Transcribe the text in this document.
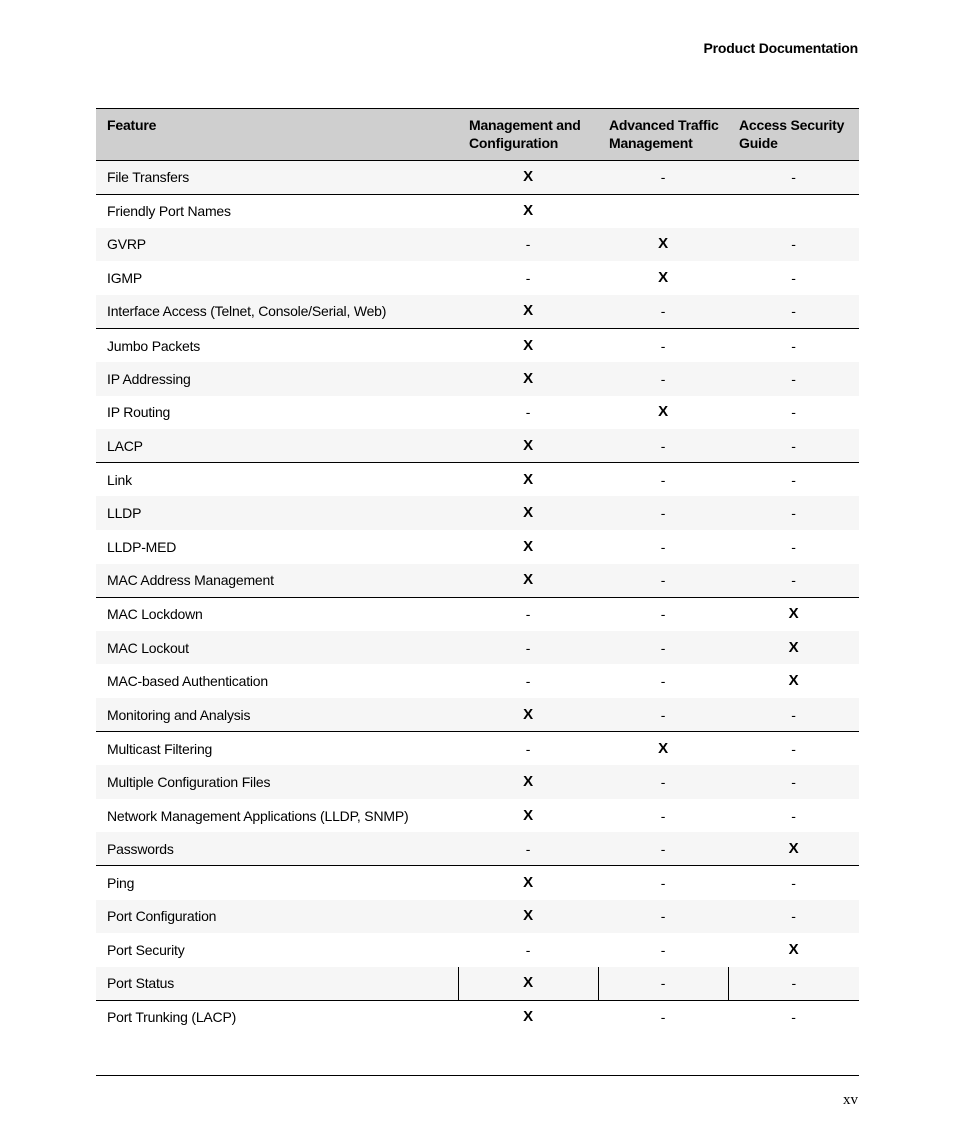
Product Documentation
Feature	Management and Configuration	Advanced Traffic Management	Access Security Guide
File Transfers	X	-	-
Friendly Port Names	X		
GVRP	-	X	-
IGMP	-	X	-
Interface Access (Telnet, Console/Serial, Web)	X	-	-
Jumbo Packets	X	-	-
IP Addressing	X	-	-
IP Routing	-	X	-
LACP	X	-	-
Link	X	-	-
LLDP	X	-	-
LLDP-MED	X	-	-
MAC Address Management	X	-	-
MAC Lockdown	-	-	X
MAC Lockout	-	-	X
MAC-based Authentication	-	-	X
Monitoring and Analysis	X	-	-
Multicast Filtering	-	X	-
Multiple Configuration Files	X	-	-
Network Management Applications (LLDP, SNMP)	X	-	-
Passwords	-	-	X
Ping	X	-	-
Port Configuration	X	-	-
Port Security	-	-	X
Port Status	X	-	-
Port Trunking (LACP)	X	-	-
xv
